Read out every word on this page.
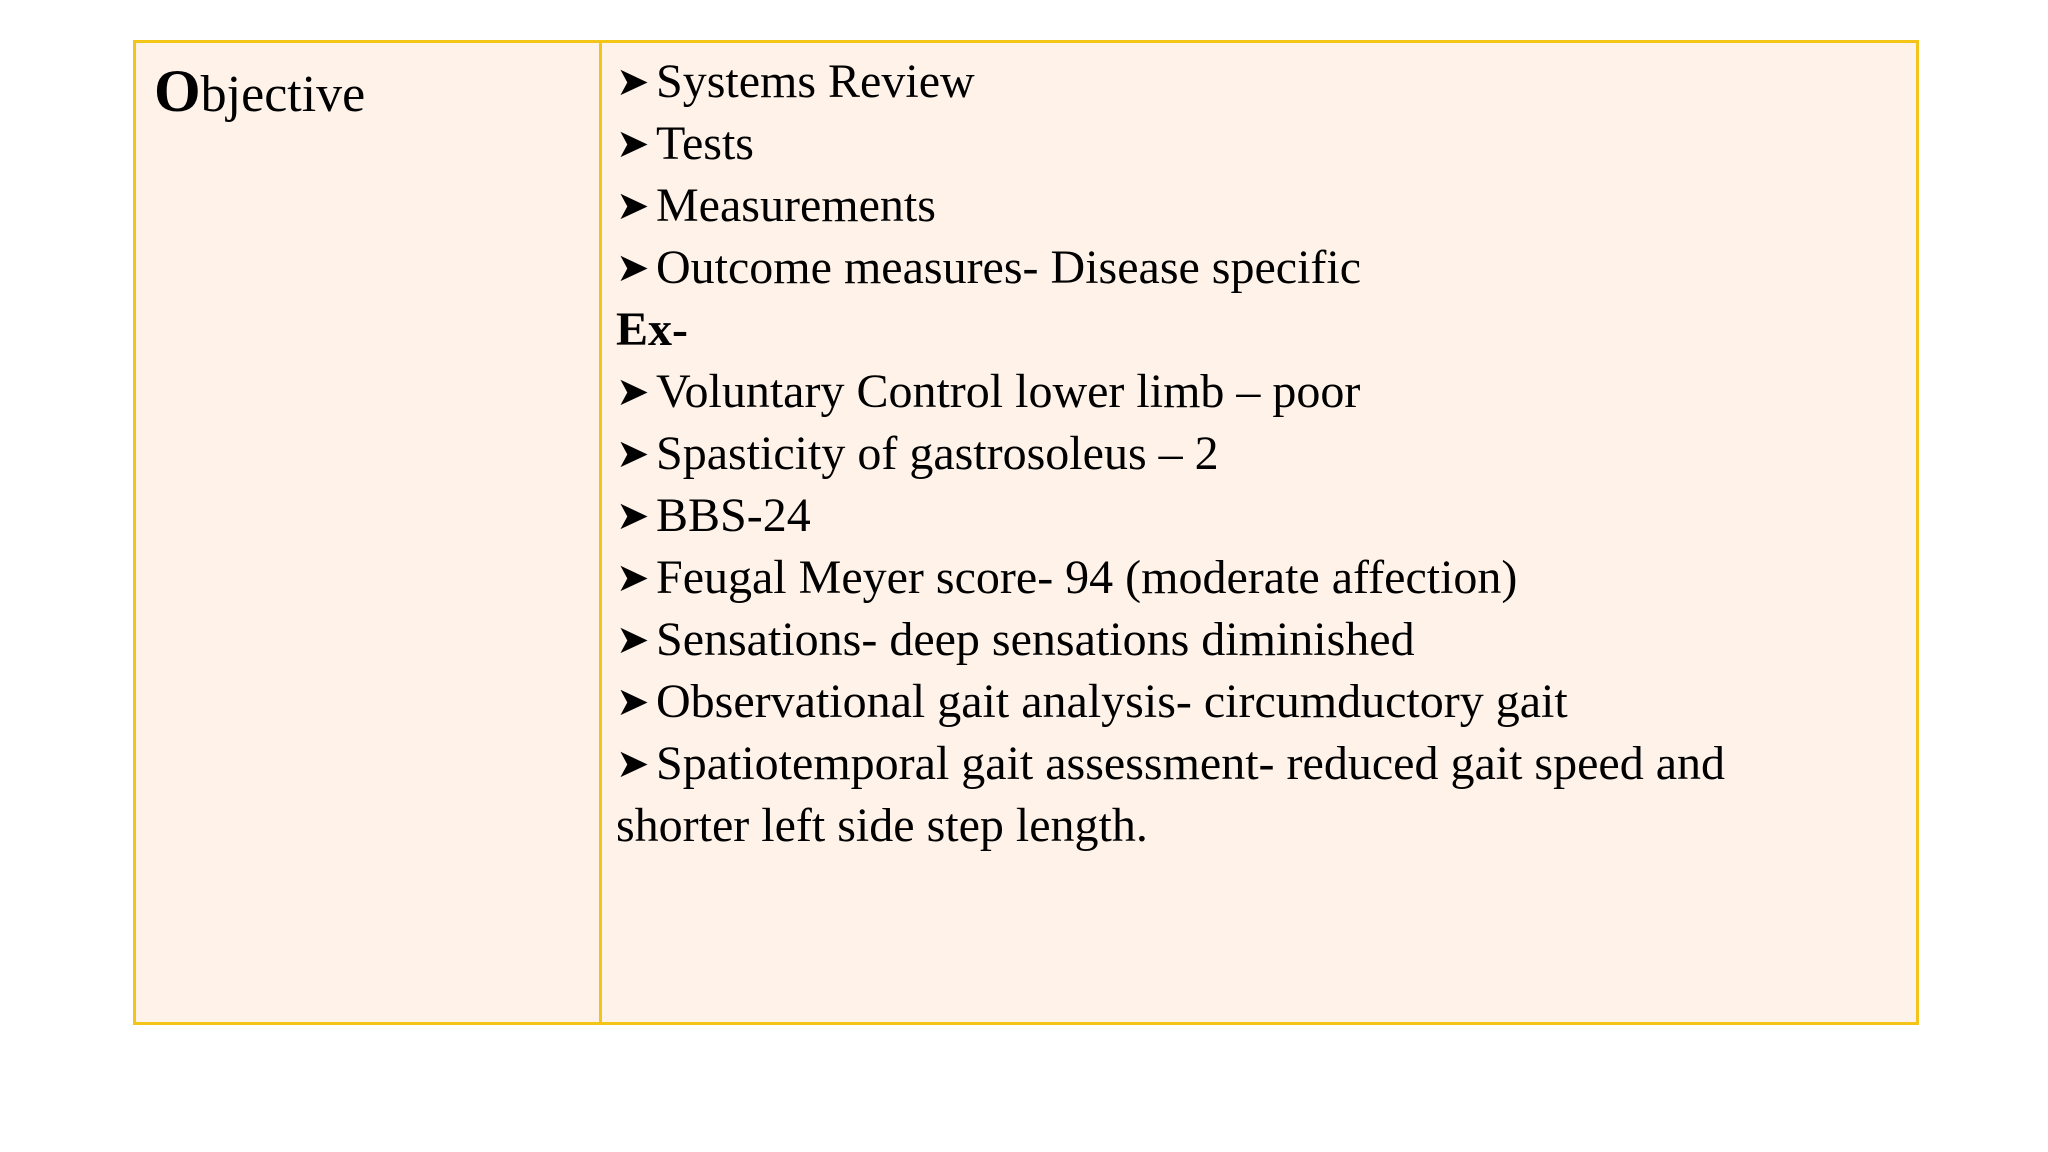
Objective	➤ Systems Review

➤ Tests

➤ Measurements

➤ Outcome measures- Disease specific

Ex-

➤ Voluntary Control lower limb – poor

➤ Spasticity of gastrosoleus – 2

➤ BBS-24

➤ Feugal Meyer score- 94 (moderate affection)

➤ Sensations- deep sensations diminished

➤ Observational gait analysis- circumductory gait

➤ Spatiotemporal gait assessment- reduced gait speed and shorter left side step length.
